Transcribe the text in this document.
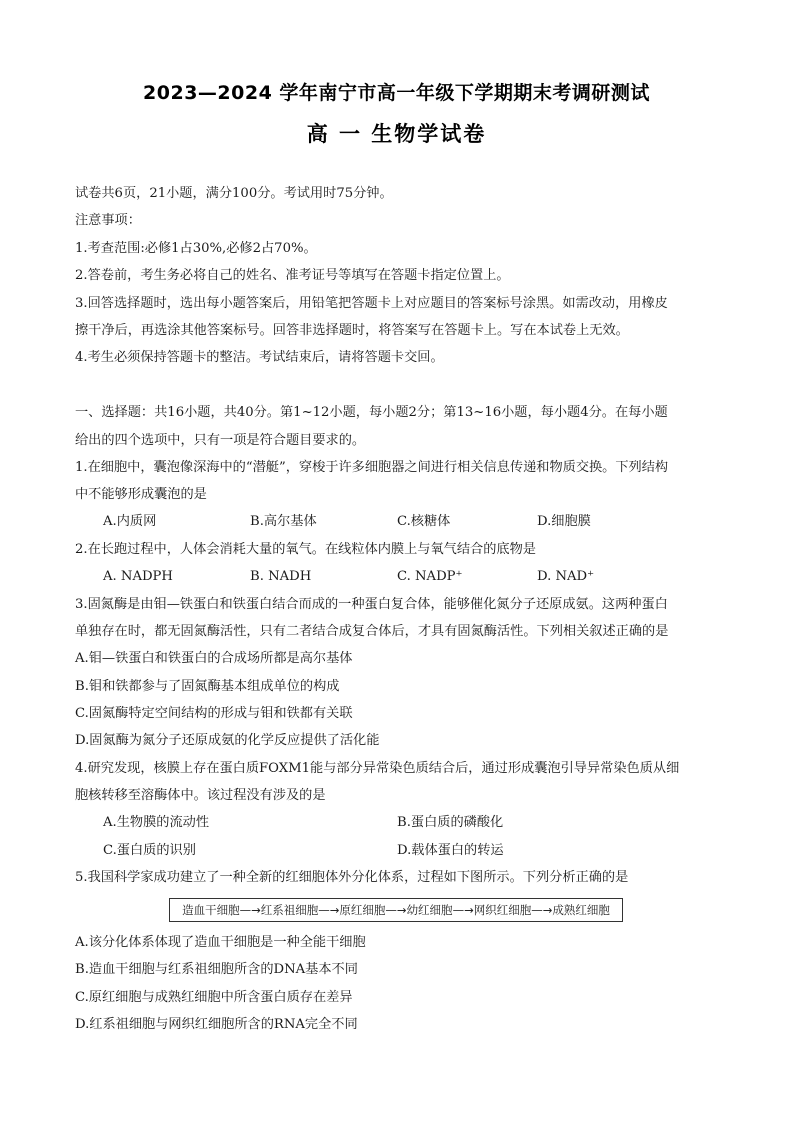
2023—2024 学年南宁市高一年级下学期期末考调研测试
高 一 生物学试卷
试卷共6页，21小题，满分100分。考试用时75分钟。
注意事项：
1.考查范围:必修1占30%,必修2占70%。
2.答卷前，考生务必将自己的姓名、准考证号等填写在答题卡指定位置上。
3.回答选择题时，选出每小题答案后，用铅笔把答题卡上对应题目的答案标号涂黑。如需改动，用橡皮
擦干净后，再选涂其他答案标号。回答非选择题时，将答案写在答题卡上。写在本试卷上无效。
4.考生必须保持答题卡的整洁。考试结束后，请将答题卡交回。
一、选择题：共16小题，共40分。第1~12小题，每小题2分；第13~16小题，每小题4分。在每小题
给出的四个选项中，只有一项是符合题目要求的。
1.在细胞中，囊泡像深海中的“潜艇”，穿梭于许多细胞器之间进行相关信息传递和物质交换。下列结构
中不能够形成囊泡的是
A.内质网	B.高尔基体	C.核糖体	D.细胞膜
2.在长跑过程中，人体会消耗大量的氧气。在线粒体内膜上与氧气结合的底物是
A. NADPH	B. NADH	C. NADP⁺	D. NAD⁺
3.固氮酶是由钼—铁蛋白和铁蛋白结合而成的一种蛋白复合体，能够催化氮分子还原成氨。这两种蛋白
单独存在时，都无固氮酶活性，只有二者结合成复合体后，才具有固氮酶活性。下列相关叙述正确的是
A.钼—铁蛋白和铁蛋白的合成场所都是高尔基体
B.钼和铁都参与了固氮酶基本组成单位的构成
C.固氮酶特定空间结构的形成与钼和铁都有关联
D.固氮酶为氮分子还原成氨的化学反应提供了活化能
4.研究发现，核膜上存在蛋白质FOXM1能与部分异常染色质结合后，通过形成囊泡引导异常染色质从细
胞核转移至溶酶体中。该过程没有涉及的是
A.生物膜的流动性	B.蛋白质的磷酸化
C.蛋白质的识别	D.载体蛋白的转运
5.我国科学家成功建立了一种全新的红细胞体外分化体系，过程如下图所示。下列分析正确的是
造血干细胞—→红系祖细胞—→原红细胞—→幼红细胞—→网织红细胞—→成熟红细胞
A.该分化体系体现了造血干细胞是一种全能干细胞
B.造血干细胞与红系祖细胞所含的DNA基本不同
C.原红细胞与成熟红细胞中所含蛋白质存在差异
D.红系祖细胞与网织红细胞所含的RNA完全不同
